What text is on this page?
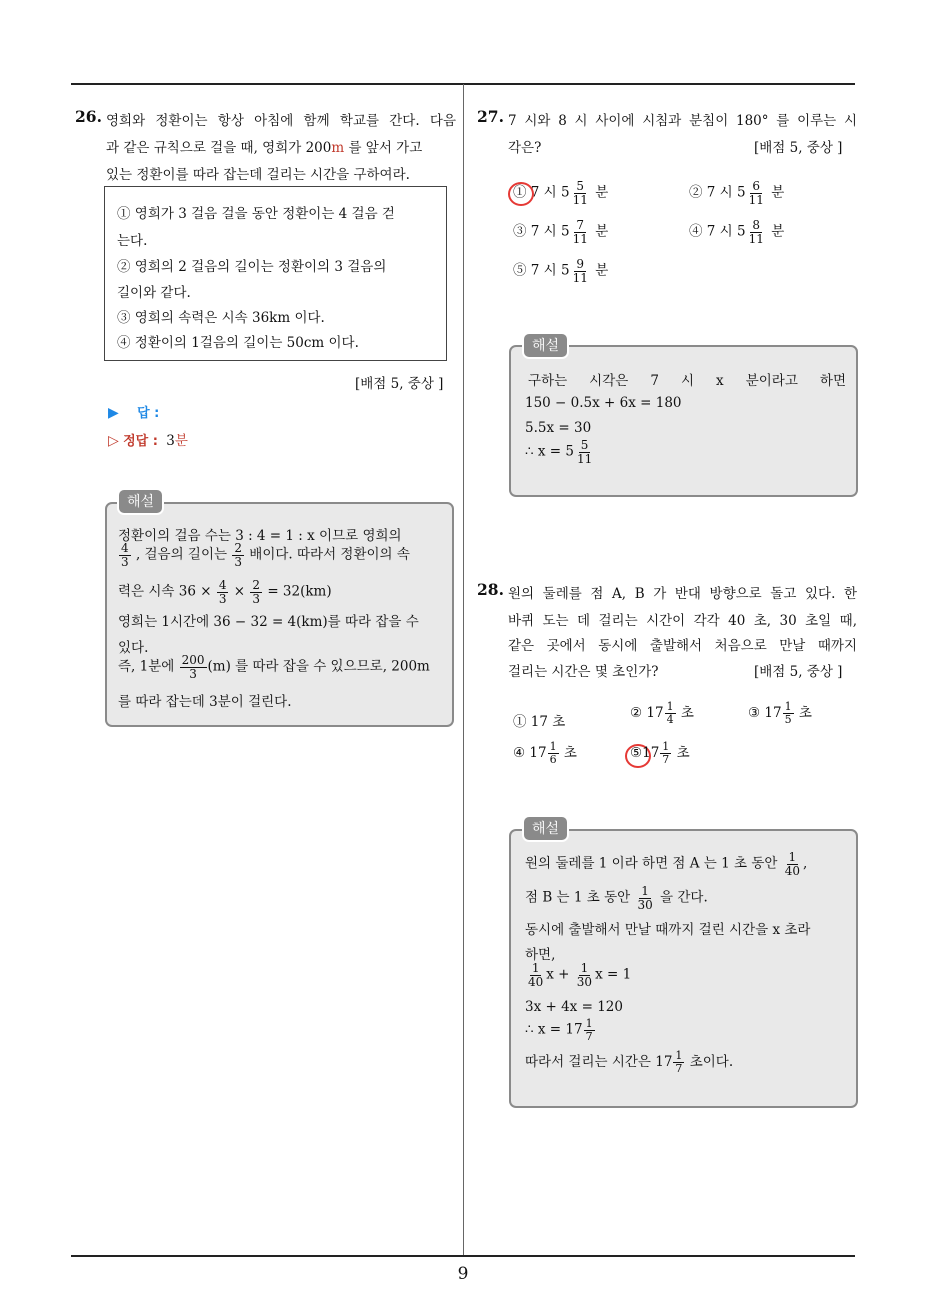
26. 영희와 정환이는 항상 아침에 함께 학교를 간다. 다음
과 같은 규칙으로 걸을 때, 영희가 200m 를 앞서 가고
있는 정환이를 따라 잡는데 걸리는 시간을 구하여라.
① 영희가 3 걸음 걸을 동안 정환이는 4 걸음 걷
는다.
② 영희의 2 걸음의 길이는 정환이의 3 걸음의
길이와 같다.
③ 영희의 속력은 시속 36km 이다.
④ 정환이의 1걸음의 길이는 50cm 이다.
[배점 5, 중상 ]
▶ 답 :
▷ 정답 : 3분
정환이의 걸음 수는 3 : 4 = 1 : x 이므로 영희의
$\frac{4}{3}$ , 걸음의 길이는 $\frac{2}{3}$ 배이다. 따라서 정환이의 속
력은 시속 $36 \times \frac{4}{3} \times \frac{2}{3} = 32(km)$
영희는 1시간에 36 − 32 = 4(km)를 따라 잡을 수
있다.
즉, 1분에 $\frac{200}{3} (m)$ 를 따라 잡을 수 있으므로, 200m
를 따라 잡는데 3분이 걸린다.
해설
27. 7 시와 8 시 사이에 시침과 분침이 180° 를 이루는 시
각은?	[배점 5, 중상 ]
① 7 시 $5 \frac{5}{11}$ 분	② 7 시 $5 \frac{6}{11}$ 분
③ 7 시 $5 \frac{7}{11}$ 분	④ 7 시 $5 \frac{8}{11}$ 분
⑤ 7 시 $5 \frac{9}{11}$ 분
구하는 시각은 7 시 x 분이라고 하면
150 − 0.5x + 6x = 180
5.5x = 30
∴ $x = 5 \frac{5}{11}$
해설
28. 원의 둘레를 점 A, B 가 반대 방향으로 돌고 있다. 한
바퀴 도는 데 걸리는 시간이 각각 40 초, 30 초일 때,
같은 곳에서 동시에 출발해서 처음으로 만날 때까지
걸리는 시간은 몇 초인가?	[배점 5, 중상 ]
① 17 초
② $17 \frac{1}{4}$ 초	③ $17 \frac{1}{5}$ 초
④ $17 \frac{1}{6}$ 초	⑤17 $\frac{1}{7}$ 초
원의 둘레를 1 이라 하면 점 A 는 1 초 동안 $\frac{1}{40}$ ,
점 B 는 1 초 동안 $\frac{1}{30}$ 을 간다.
동시에 출발해서 만날 때까지 걸린 시간을 x 초라
하면,
$\frac{1}{40}$ $x + \frac{1}{30}$ x = 1
3x + 4x = 120
∴ $x = 17 \frac{1}{7}$
따라서 걸리는 시간은 $17 \frac{1}{7}$ 초이다.
해설
9
